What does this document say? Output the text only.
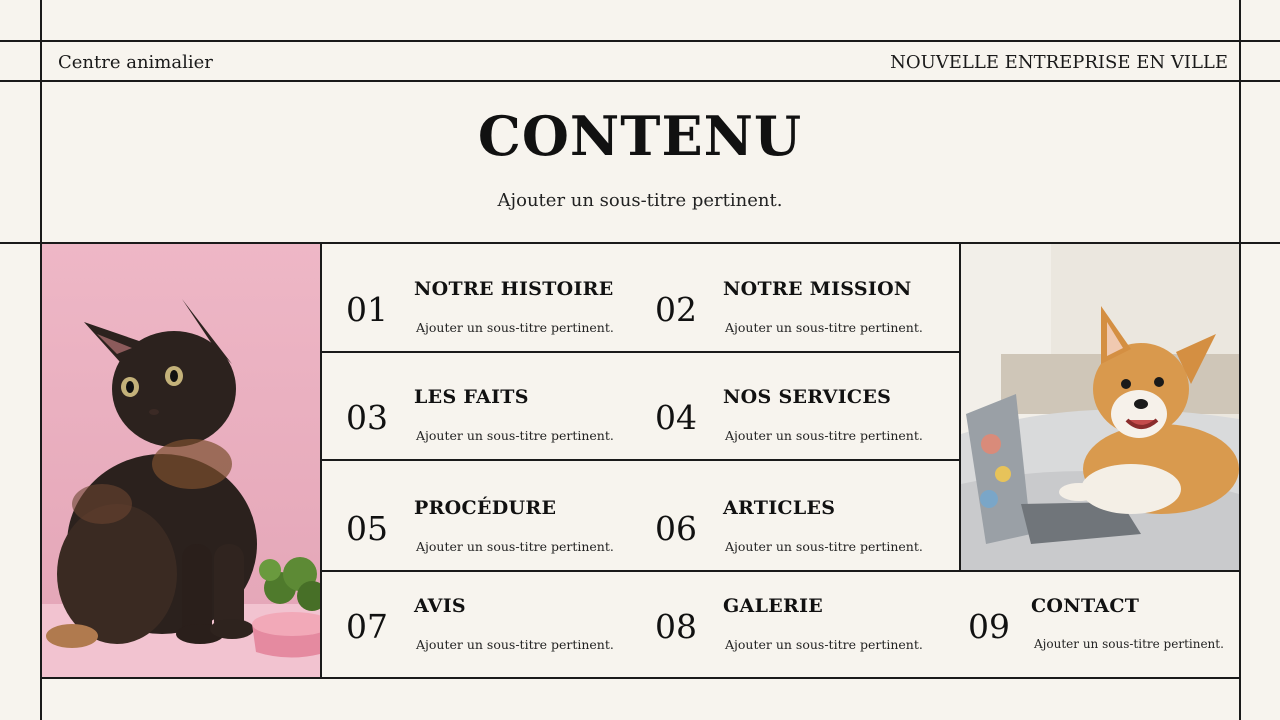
Centre animalier	NOUVELLE ENTREPRISE EN VILLE
CONTENU
Ajouter un sous-titre pertinent.
01
NOTRE HISTOIRE
Ajouter un sous-titre pertinent. 02
NOTRE MISSION
Ajouter un sous-titre pertinent.
03
LES FAITS
Ajouter un sous-titre pertinent. 04
NOS SERVICES
Ajouter un sous-titre pertinent.
05
PROCÉDURE
Ajouter un sous-titre pertinent. 06
ARTICLES
Ajouter un sous-titre pertinent.
07
AVIS
Ajouter un sous-titre pertinent. 08
GALERIE
Ajouter un sous-titre pertinent. 09
CONTACT
Ajouter un sous-titre pertinent.
